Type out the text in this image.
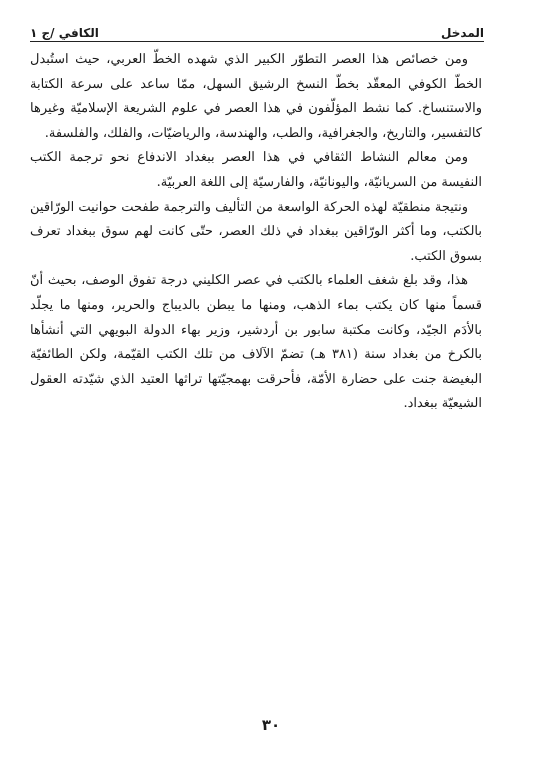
المدخل
الكافي /ج ١

ومن خصائص هذا العصر التطوّر الكبير الذي شهده الخطّ العربي، حيث استُبدل الخطّ الكوفي المعقّد بخطّ النسخ الرشيق السهل، ممّا ساعد على سرعة الكتابة والاستنساخ. كما نشط المؤلّفون في هذا العصر في علوم الشريعة الإسلاميّة وغيرها كالتفسير، والتاريخ، والجغرافية، والطب، والهندسة، والرياضيّات، والفلك، والفلسفة.

ومن معالم النشاط الثقافي في هذا العصر ببغداد الاندفاع نحو ترجمة الكتب النفيسة من السريانيّة، واليونانيّة، والفارسيّة إلى اللغة العربيّة.

ونتيجة منطقيّة لهذه الحركة الواسعة من التأليف والترجمة طفحت حوانيت الورّاقين بالكتب، وما أكثر الورّاقين ببغداد في ذلك العصر، حتّى كانت لهم سوق ببغداد تعرف بسوق الكتب.

هذا، وقد بلغ شغف العلماء بالكتب في عصر الكليني درجة تفوق الوصف، بحيث أنّ قسماً منها كان يكتب بماء الذهب، ومنها ما يبطن بالديباج والحرير، ومنها ما يجلّد بالأدَم الجيّد، وكانت مكتبة سابور بن أردشير، وزير بهاء الدولة البويهي التي أنشأها بالكرخ من بغداد سنة (٣٨١ هـ) تضمّ الآلاف من تلك الكتب القيّمة، ولكن الطائفيّة البغيضة جنت على حضارة الأمّة، فأحرقت بهمجيّتها تراثها العتيد الذي شيّدته العقول الشيعيّة ببغداد.

٣٠
